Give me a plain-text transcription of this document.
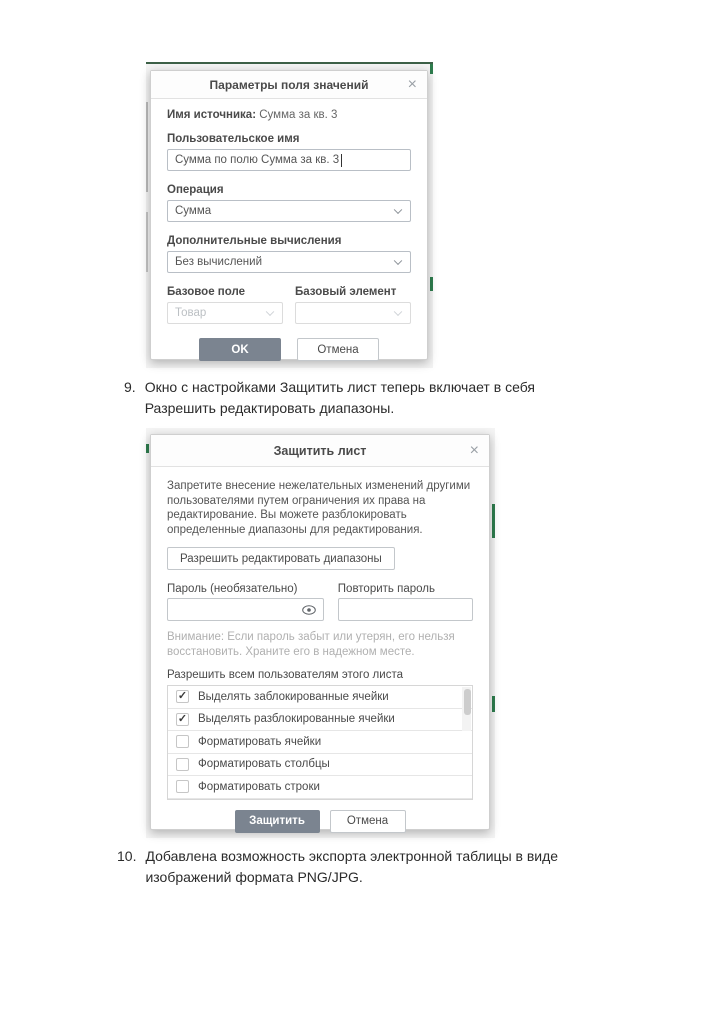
Параметры поля значений ×
Имя источника: Сумма за кв. 3
Пользовательское имя
Сумма по полю Сумма за кв. 3
Операция
Сумма
Дополнительные вычисления
Без вычислений
Базовое поле
Товар
Базовый элемент
OK	Отмена
9. Окно с настройками Защитить лист теперь включает в себя Разрешить редактировать диапазоны.
Защитить лист	×
Запретите внесение нежелательных изменений другими пользователями путем ограничения их права на редактирование. Вы можете разблокировать определенные диапазоны для редактирования.
Разрешить редактировать диапазоны
Пароль (необязательно)	Повторить пароль
Внимание: Если пароль забыт или утерян, его нельзя восстановить. Храните его в надежном месте.
Разрешить всем пользователям этого листа
✓ Выделять заблокированные ячейки
✓ Выделять разблокированные ячейки
Форматировать ячейки
Форматировать столбцы
Форматировать строки
Защитить	Отмена
10. Добавлена возможность экспорта электронной таблицы в виде изображений формата PNG/JPG.
